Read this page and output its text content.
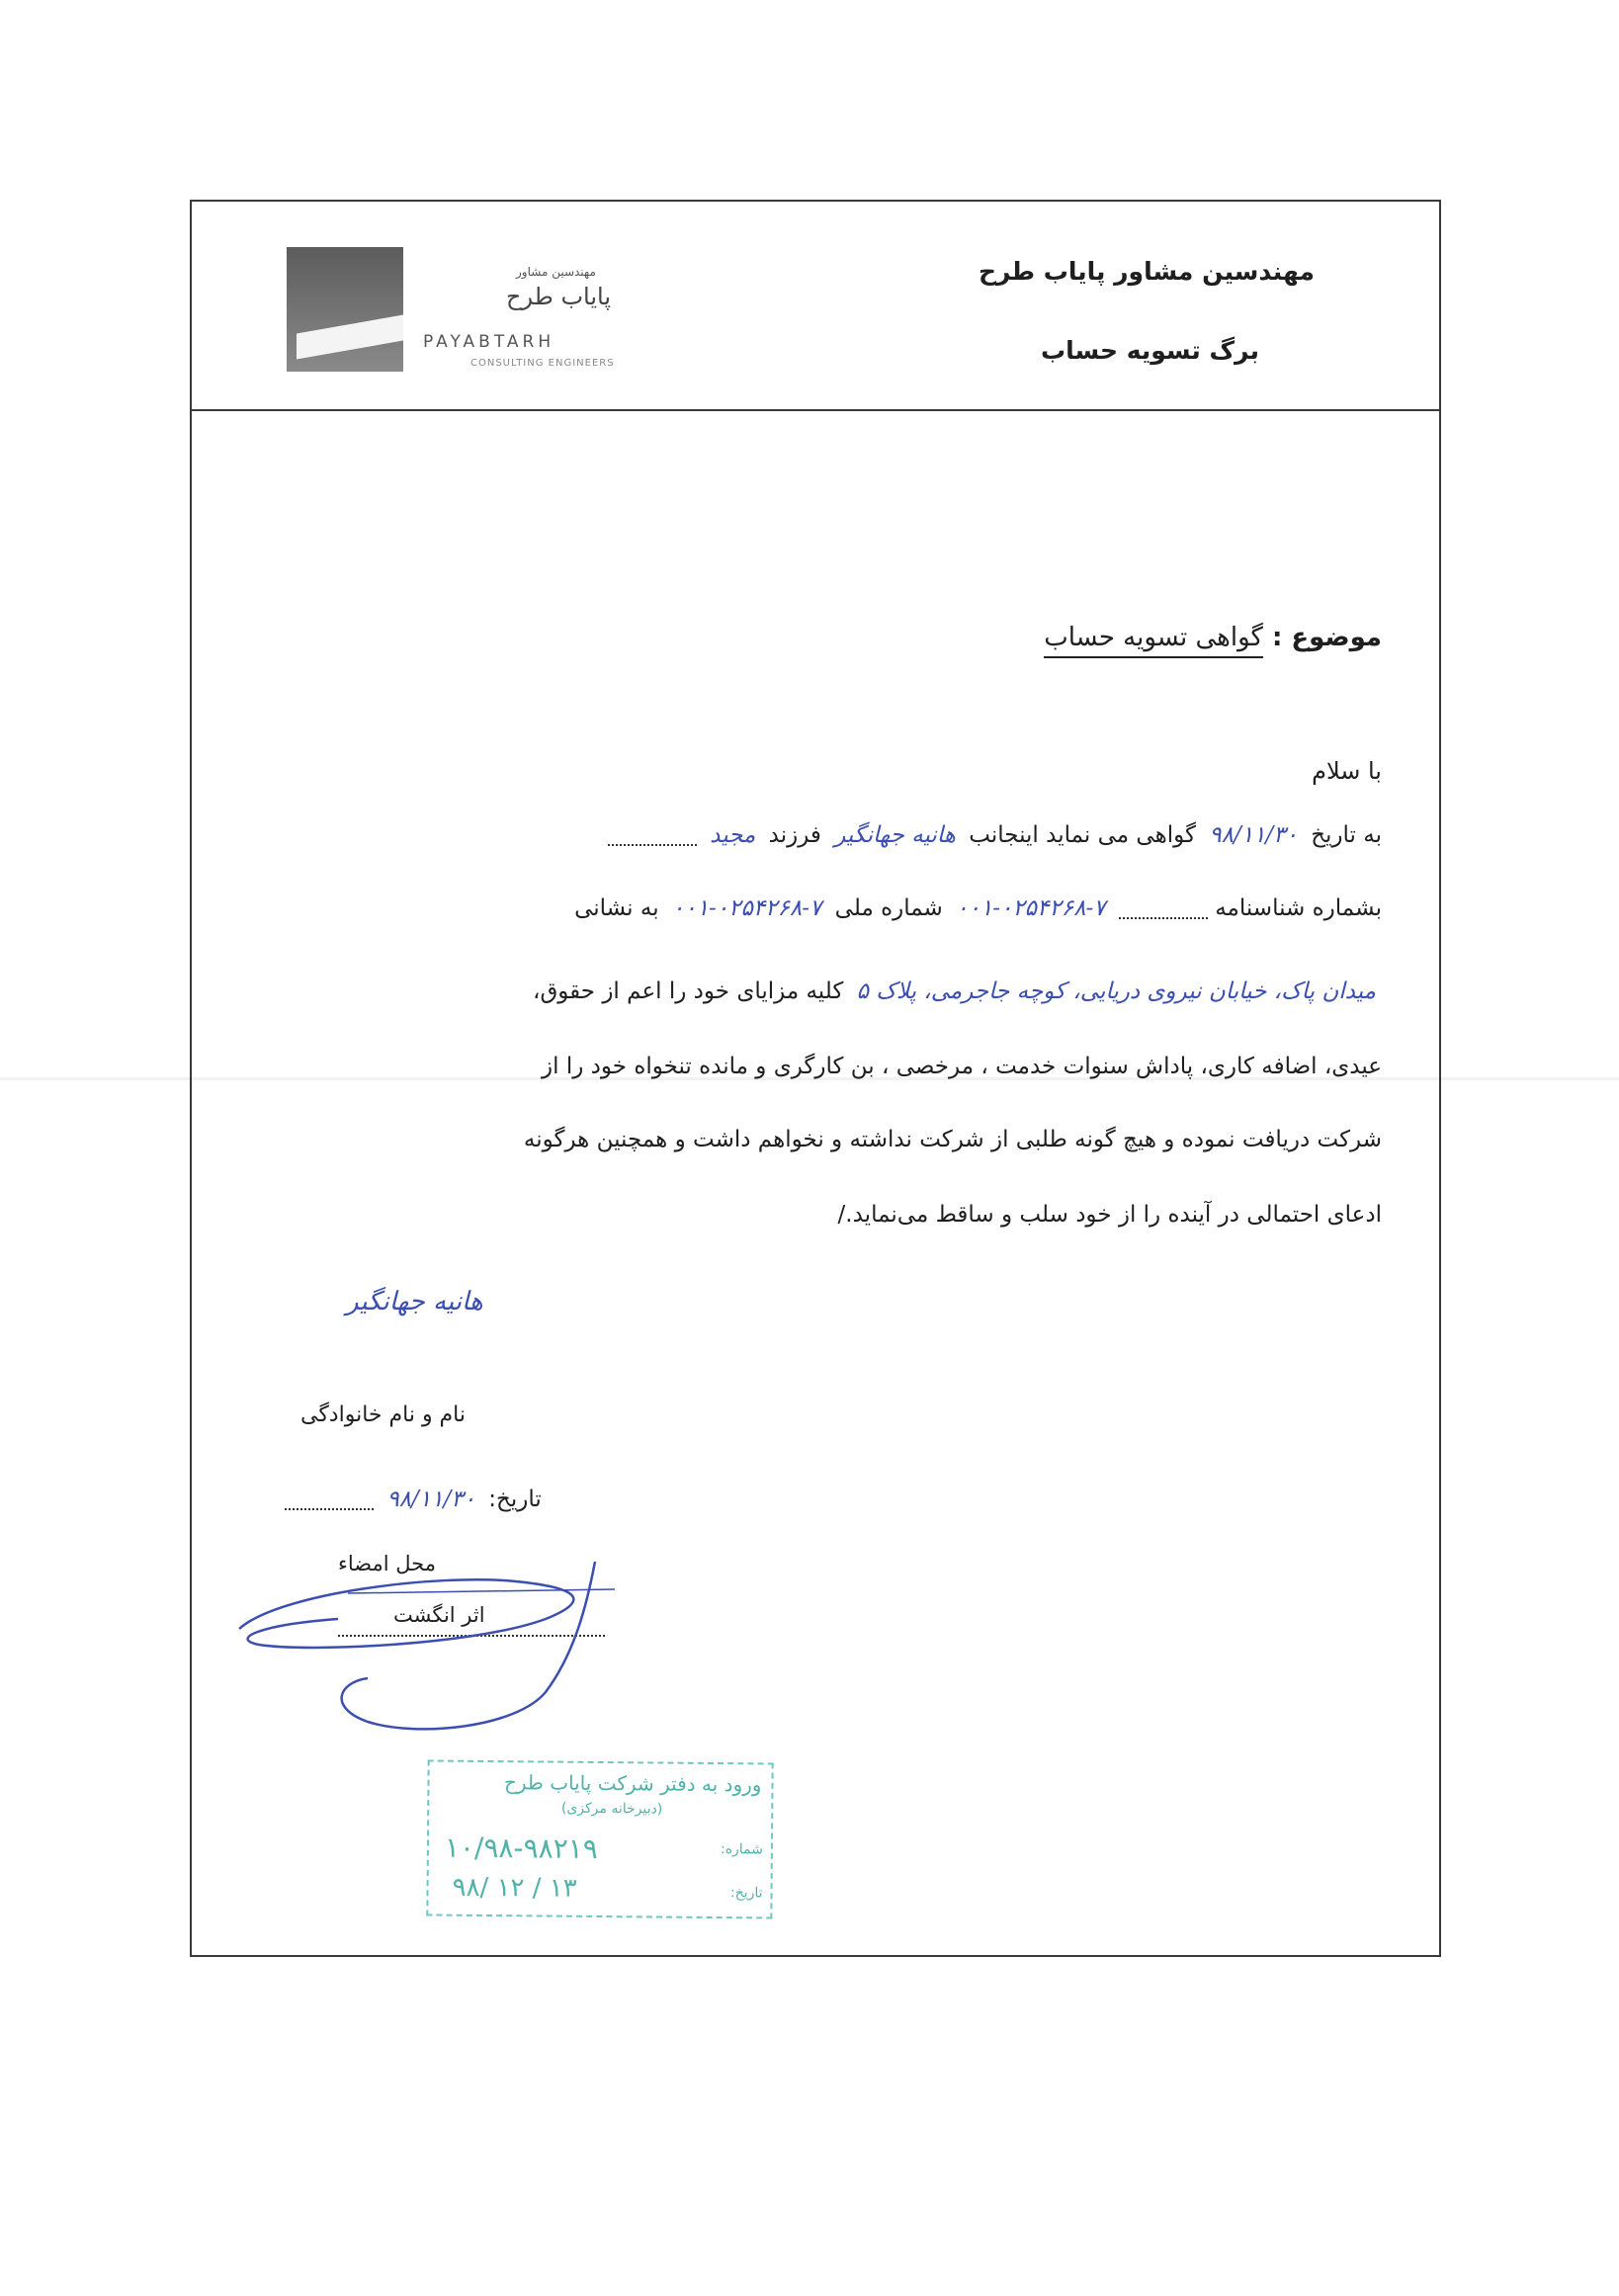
مهندسین مشاور
پایاب طرح
PAYABTARH
CONSULTING ENGINEERS
مهندسین مشاور پایاب طرح
برگ تسویه حساب
موضوع : گواهی تسویه حساب
با سلام
به تاریخ ۹۸/۱۱/۳۰ گواهی می نماید اینجانب هانیه جهانگیر فرزند مجید
بشماره شناسنامه  ۰۰۱-۰۲۵۴۲۶۸-۷ شماره ملی ۰۰۱-۰۲۵۴۲۶۸-۷ به نشانی
میدان پاک، خیابان نیروی دریایی، کوچه جاجرمی، پلاک ۵ کلیه مزایای خود را اعم از حقوق،
عیدی، اضافه کاری، پاداش سنوات خدمت ، مرخصی ، بن کارگری و مانده تنخواه خود را از
شرکت دریافت نموده و هیچ گونه طلبی از شرکت نداشته و نخواهم داشت و همچنین هرگونه
ادعای احتمالی در آینده را از خود سلب و ساقط می‌نماید./
هانیه جهانگیر
نام و نام خانوادگی
تاریخ: ۹۸/۱۱/۳۰
محل امضاء
اثر انگشت
ورود به دفتر شرکت پایاب طرح
(دبیرخانه مرکزی)
شماره:
۱۰/۹۸-۹۸۲۱۹
تاریخ:
۹۸/ ۱۲ / ۱۳
